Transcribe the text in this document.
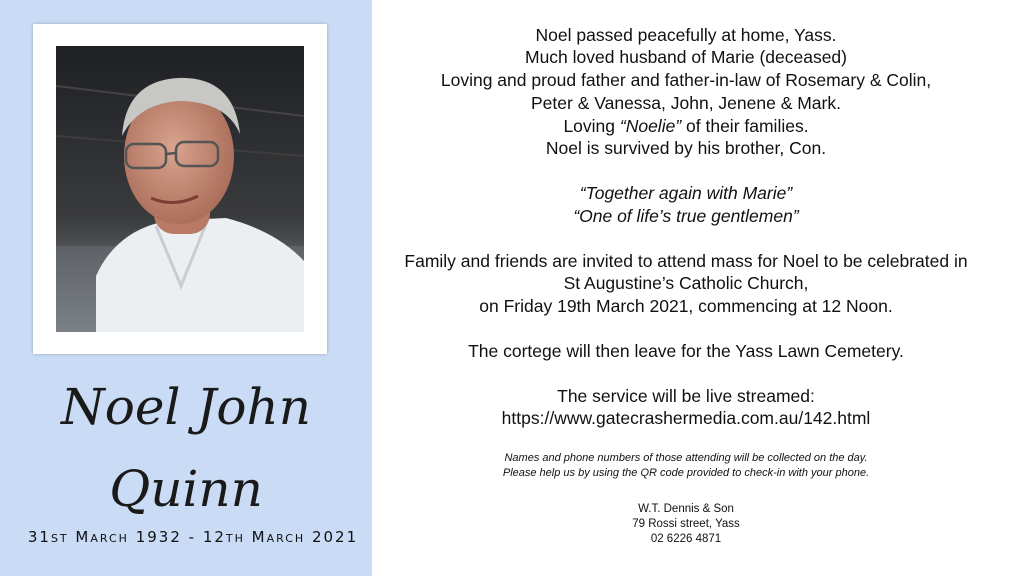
Noel John
Quinn
31st March 1932 - 12th March 2021
Noel passed peacefully at home, Yass.
Much loved husband of Marie (deceased)
Loving and proud father and father-in-law of Rosemary & Colin,
Peter & Vanessa, John, Jenene & Mark.
Loving “Noelie” of their families.
Noel is survived by his brother, Con.
“Together again with Marie”
“One of life’s true gentlemen”
Family and friends are invited to attend mass for Noel to be celebrated in
St Augustine’s Catholic Church,
on Friday 19th March 2021, commencing at 12 Noon.
The cortege will then leave for the Yass Lawn Cemetery.
The service will be live streamed:
https://www.gatecrashermedia.com.au/142.html
Names and phone numbers of those attending will be collected on the day.
Please help us by using the QR code provided to check-in with your phone.
W.T. Dennis & Son
79 Rossi street, Yass
02 6226 4871
